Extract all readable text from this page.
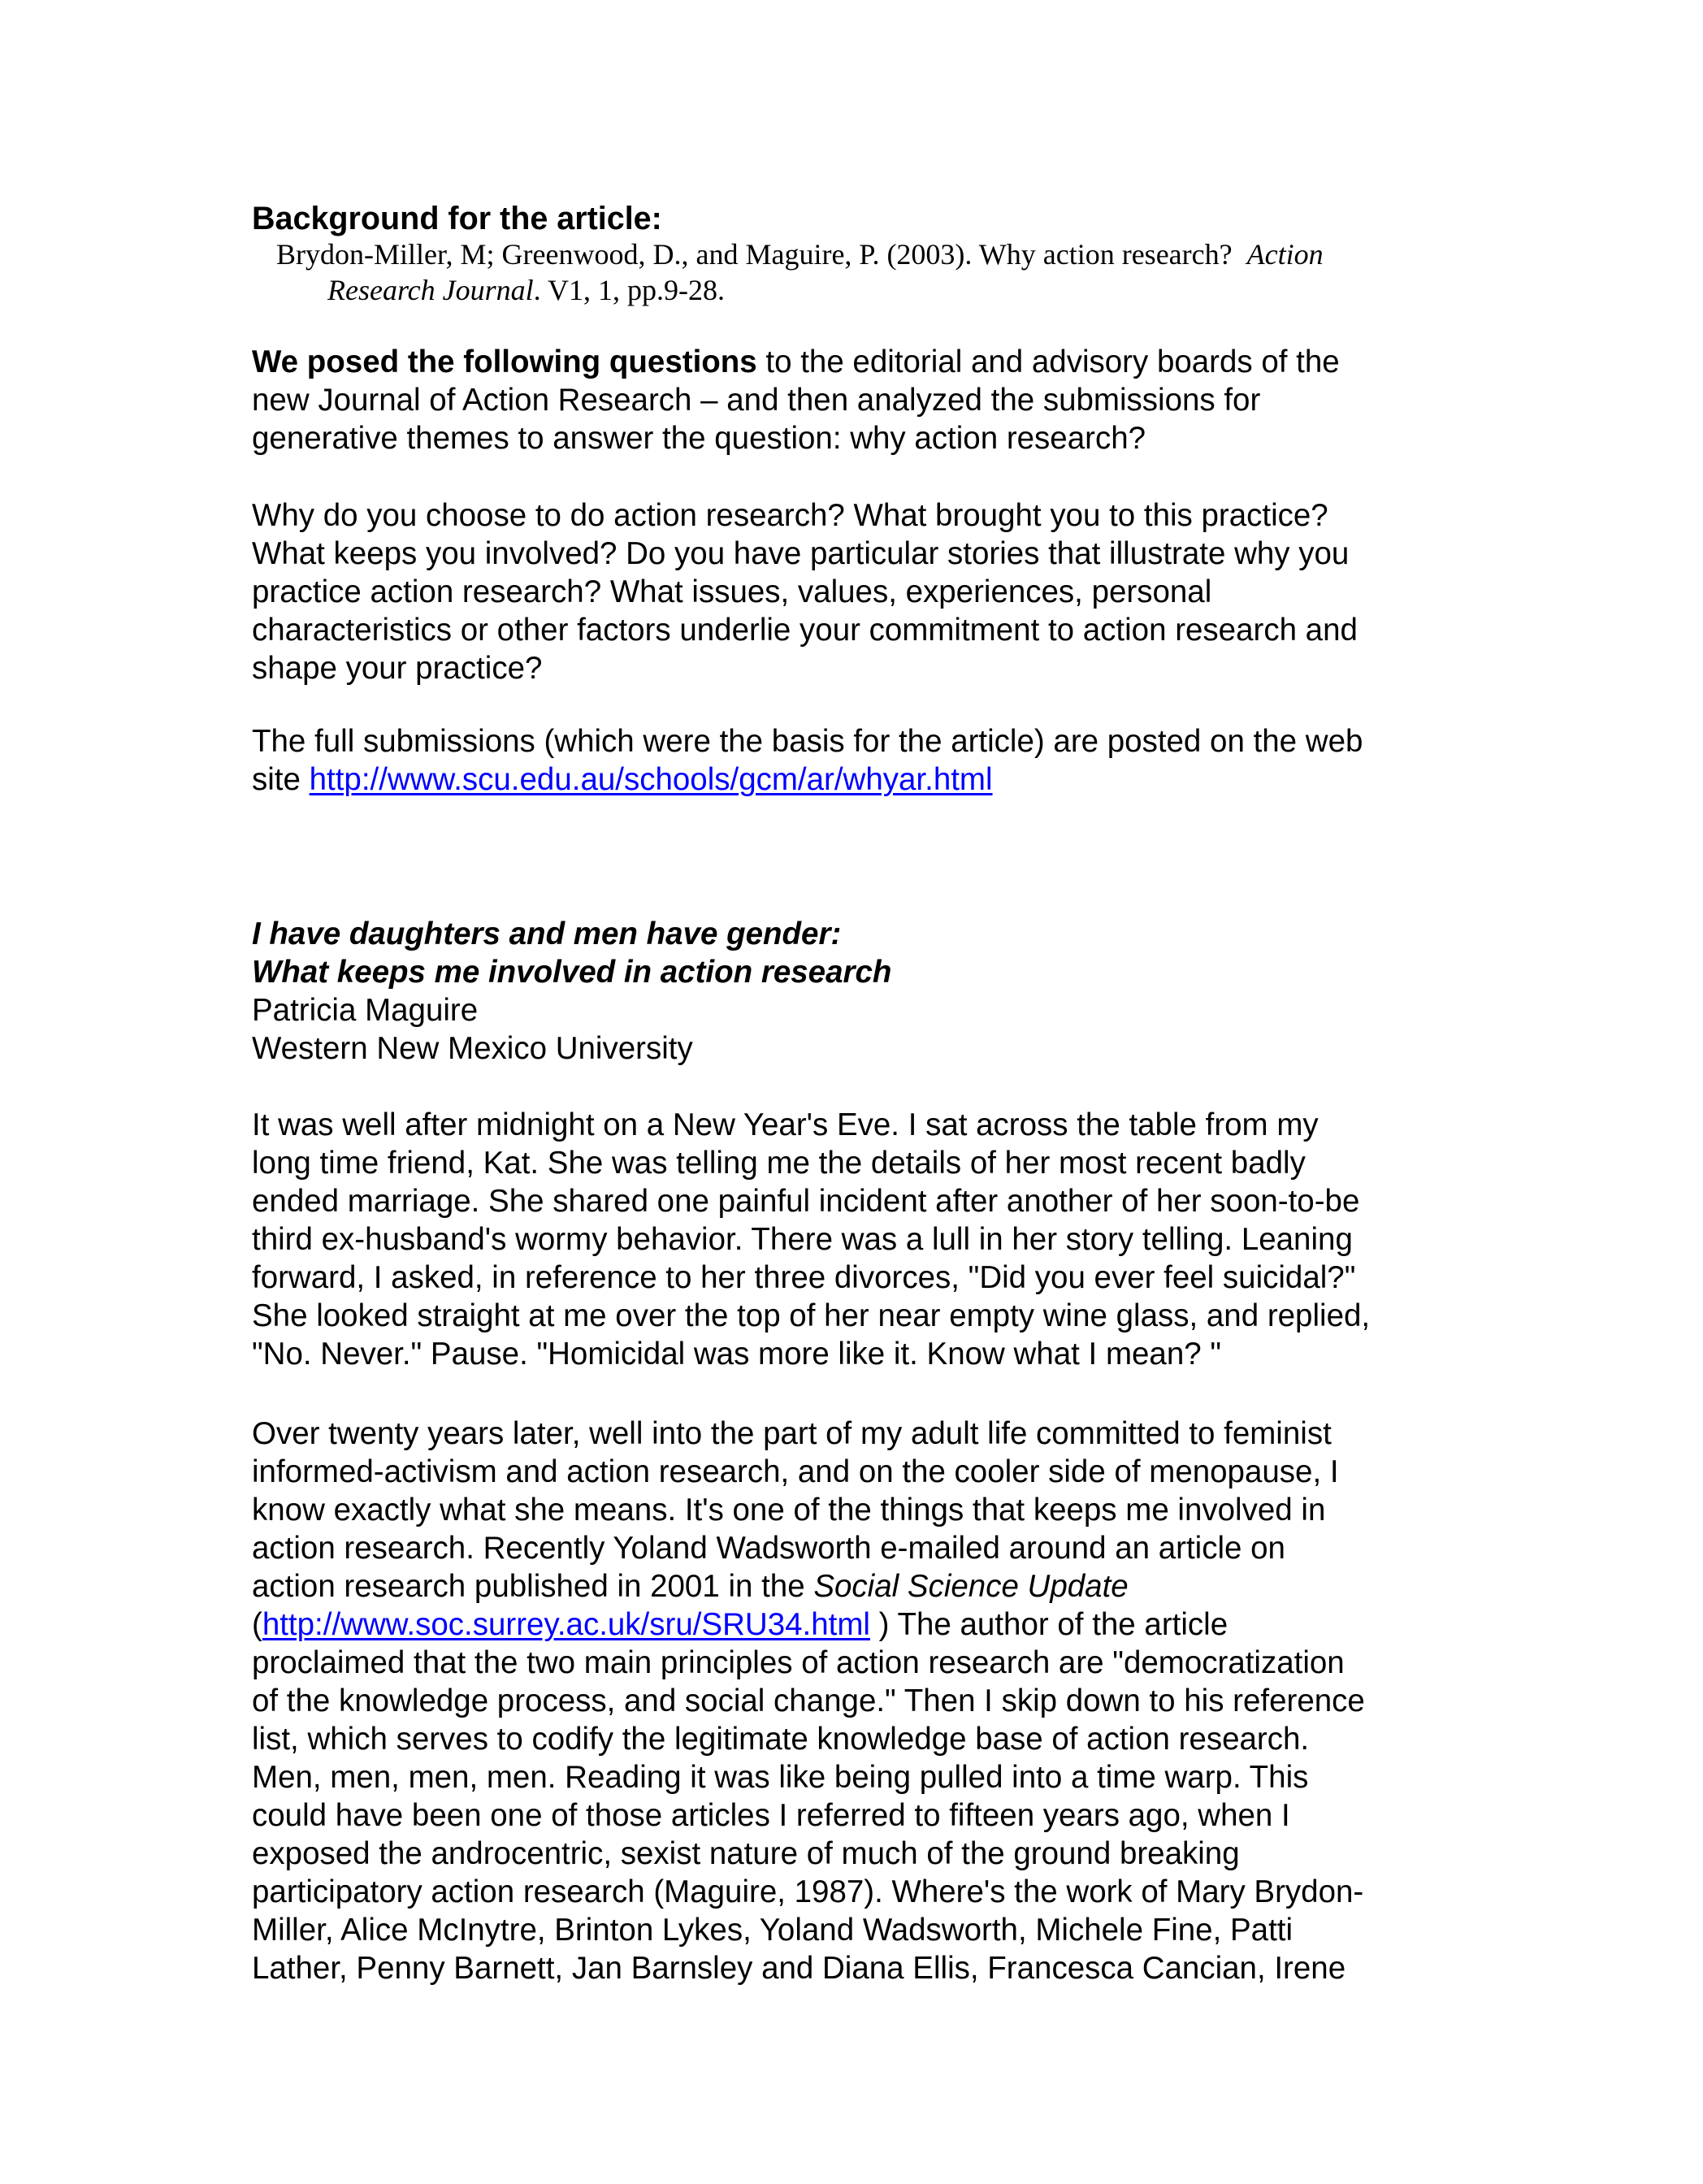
Background for the article:
Brydon-Miller, M; Greenwood, D., and Maguire, P. (2003). Why action research?  Action
Research Journal. V1, 1, pp.9-28.
We posed the following questions to the editorial and advisory boards of the
new Journal of Action Research – and then analyzed the submissions for
generative themes to answer the question: why action research?
Why do you choose to do action research? What brought you to this practice?
What keeps you involved? Do you have particular stories that illustrate why you
practice action research? What issues, values, experiences, personal
characteristics or other factors underlie your commitment to action research and
shape your practice?
The full submissions (which were the basis for the article) are posted on the web
site http://www.scu.edu.au/schools/gcm/ar/whyar.html
I have daughters and men have gender:
What keeps me involved in action research
Patricia Maguire
Western New Mexico University
It was well after midnight on a New Year's Eve. I sat across the table from my
long time friend, Kat. She was telling me the details of her most recent badly
ended marriage. She shared one painful incident after another of her soon-to-be
third ex-husband's wormy behavior. There was a lull in her story telling. Leaning
forward, I asked, in reference to her three divorces, "Did you ever feel suicidal?"
She looked straight at me over the top of her near empty wine glass, and replied,
"No. Never." Pause. "Homicidal was more like it. Know what I mean? "
Over twenty years later, well into the part of my adult life committed to feminist
informed-activism and action research, and on the cooler side of menopause, I
know exactly what she means. It's one of the things that keeps me involved in
action research. Recently Yoland Wadsworth e-mailed around an article on
action research published in 2001 in the Social Science Update
(http://www.soc.surrey.ac.uk/sru/SRU34.html ) The author of the article
proclaimed that the two main principles of action research are "democratization
of the knowledge process, and social change." Then I skip down to his reference
list, which serves to codify the legitimate knowledge base of action research.
Men, men, men, men. Reading it was like being pulled into a time warp. This
could have been one of those articles I referred to fifteen years ago, when I
exposed the androcentric, sexist nature of much of the ground breaking
participatory action research (Maguire, 1987). Where's the work of Mary Brydon-
Miller, Alice McInytre, Brinton Lykes, Yoland Wadsworth, Michele Fine, Patti
Lather, Penny Barnett, Jan Barnsley and Diana Ellis, Francesca Cancian, Irene
